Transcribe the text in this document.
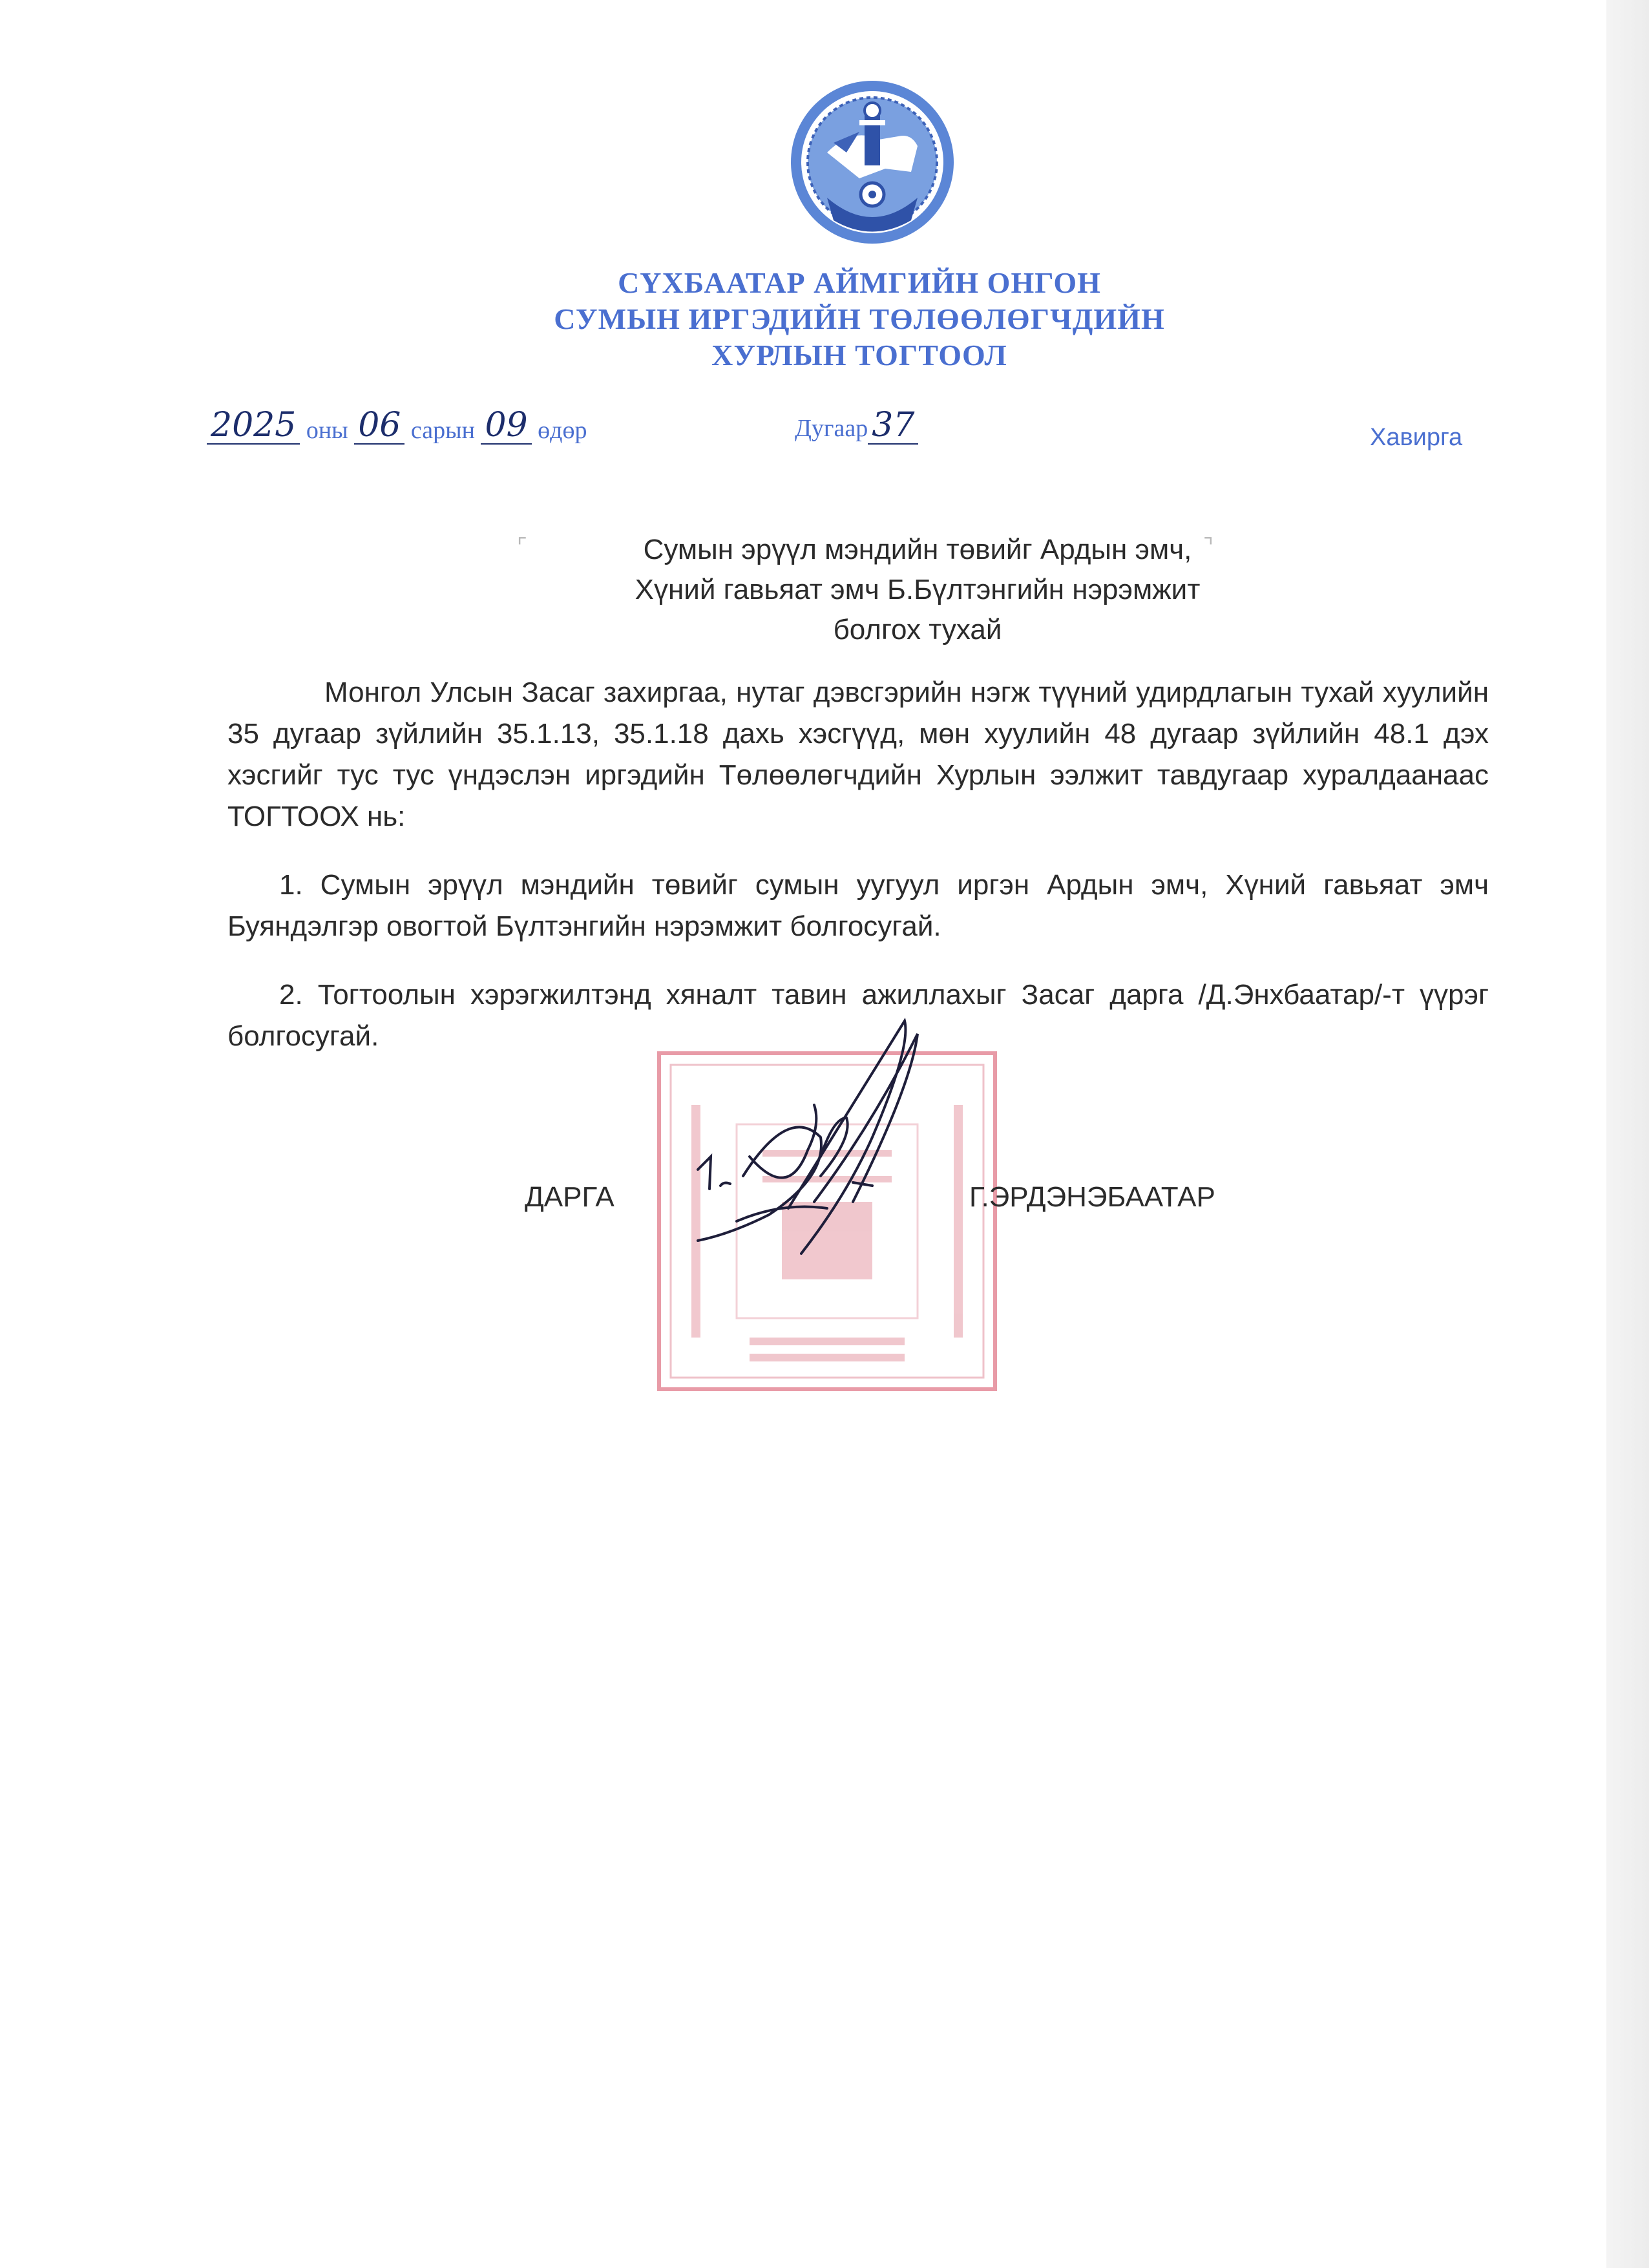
СҮХБААТАР АЙМГИЙН ОНГОН
СУМЫН ИРГЭДИЙН ТӨЛӨӨЛӨГЧДИЙН
ХУРЛЫН ТОГТООЛ
2025 оны 06 сарын 09 өдөр	Дугаар 37	Хавирга
⌜	⌝
Сумын эрүүл мэндийн төвийг Ардын эмч,
Хүний гавьяат эмч Б.Бүлтэнгийн нэрэмжит
болгох тухай

Монгол Улсын Засаг захиргаа, нутаг дэвсгэрийн нэгж түүний удирдлагын тухай хуулийн 35 дугаар зүйлийн 35.1.13, 35.1.18 дахь хэсгүүд, мөн хуулийн 48 дугаар зүйлийн 48.1 дэх хэсгийг тус тус үндэслэн иргэдийн Төлөөлөгчдийн Хурлын ээлжит тавдугаар хуралдаанаас ТОГТООХ нь:

1. Сумын эрүүл мэндийн төвийг сумын уугуул иргэн Ардын эмч, Хүний гавьяат эмч Буяндэлгэр овогтой Бүлтэнгийн нэрэмжит болгосугай.

2. Тогтоолын хэрэгжилтэнд хяналт тавин ажиллахыг Засаг дарга /Д.Энхбаатар/-т үүрэг болгосугай.

ДАРГА	Г.ЭРДЭНЭБААТАР
